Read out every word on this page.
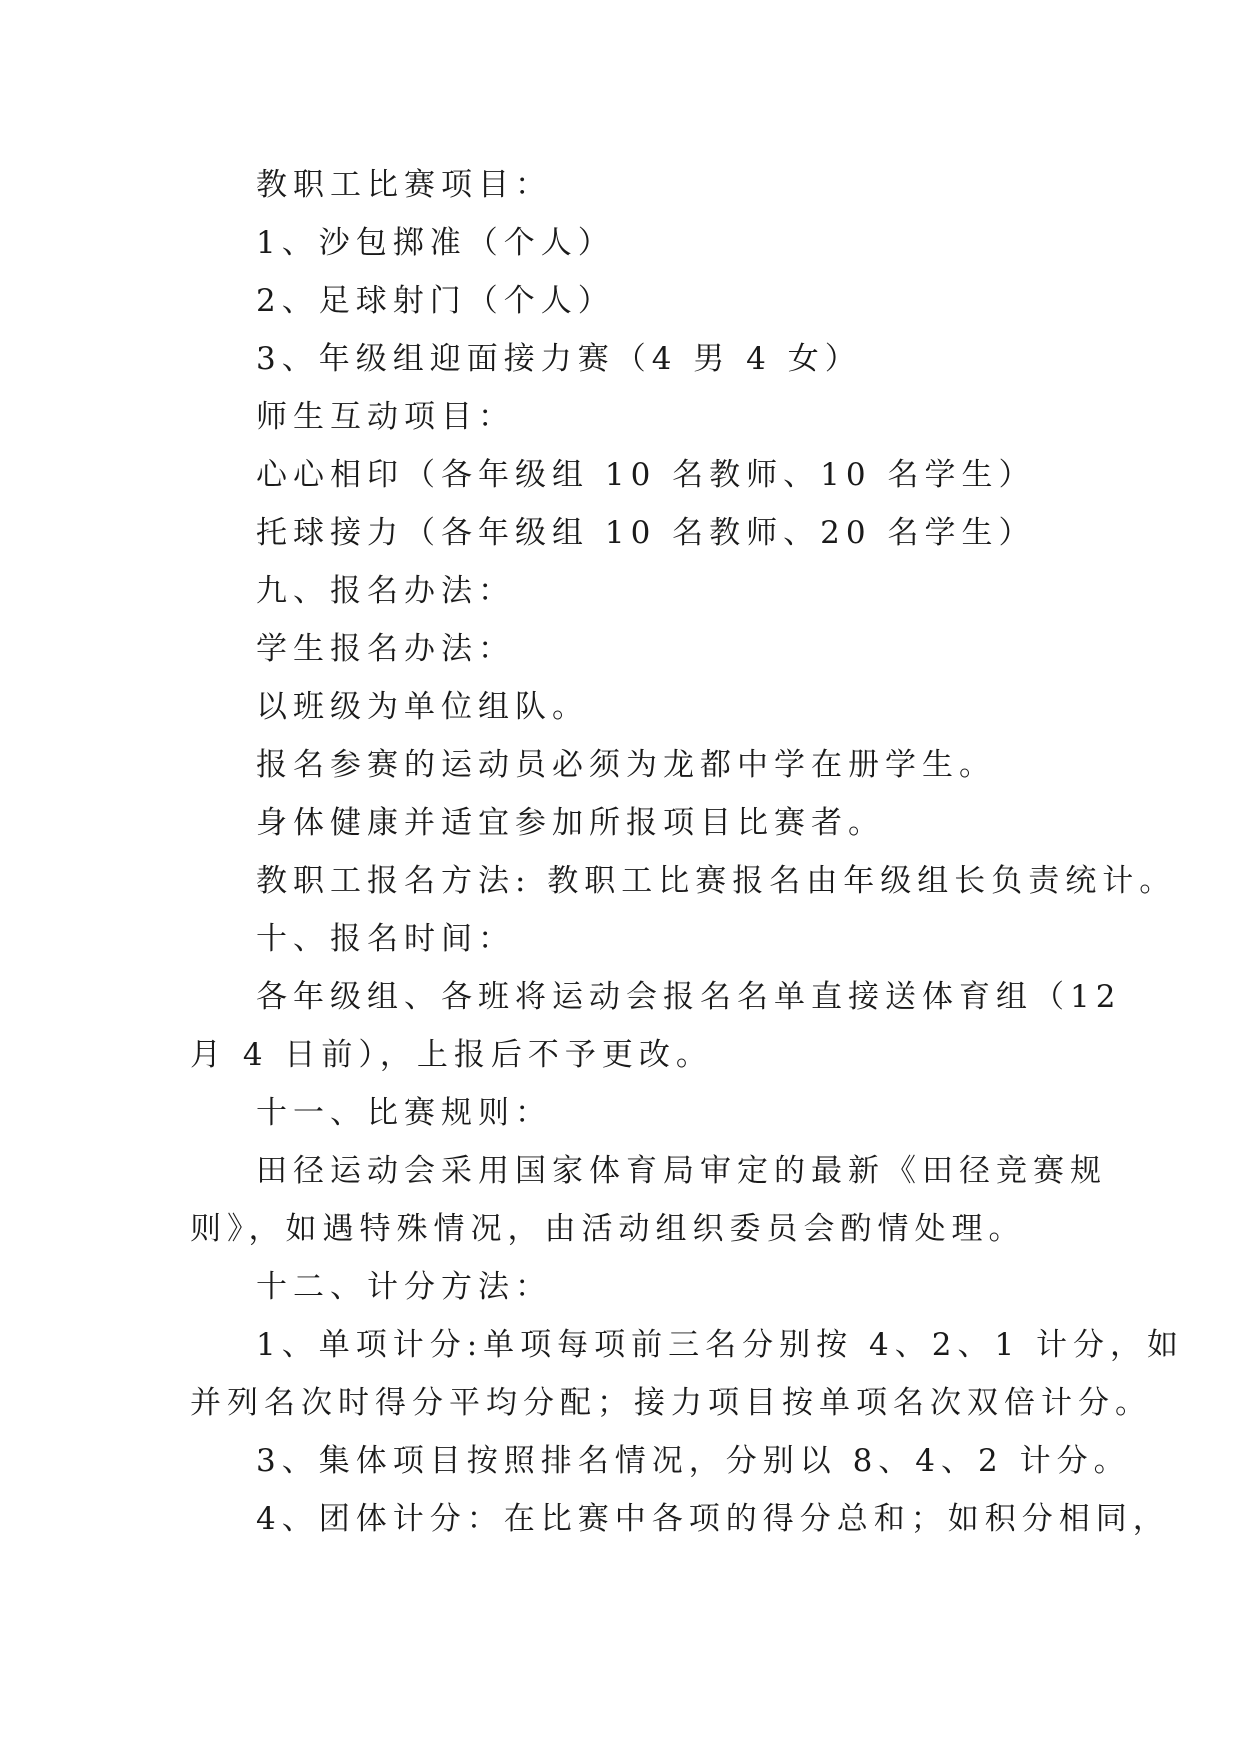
教职工比赛项目：
1、沙包掷准（个人）
2、足球射门（个人）
3、年级组迎面接力赛（4 男 4 女）
师生互动项目：
心心相印（各年级组 10 名教师、10 名学生）
托球接力（各年级组 10 名教师、20 名学生）
九、报名办法：
学生报名办法：
以班级为单位组队。
报名参赛的运动员必须为龙都中学在册学生。
身体健康并适宜参加所报项目比赛者。
教职工报名方法: 教职工比赛报名由年级组长负责统计。
十、报名时间：
各年级组、各班将运动会报名名单直接送体育组（12
月 4 日前），上报后不予更改。
十一、比赛规则：
田径运动会采用国家体育局审定的最新《田径竞赛规
则》，如遇特殊情况，由活动组织委员会酌情处理。
十二、计分方法：
1、单项计分:单项每项前三名分别按 4、2、1 计分，如
并列名次时得分平均分配；接力项目按单项名次双倍计分。
3、集体项目按照排名情况，分别以 8、4、2 计分。
4、团体计分：在比赛中各项的得分总和；如积分相同，
